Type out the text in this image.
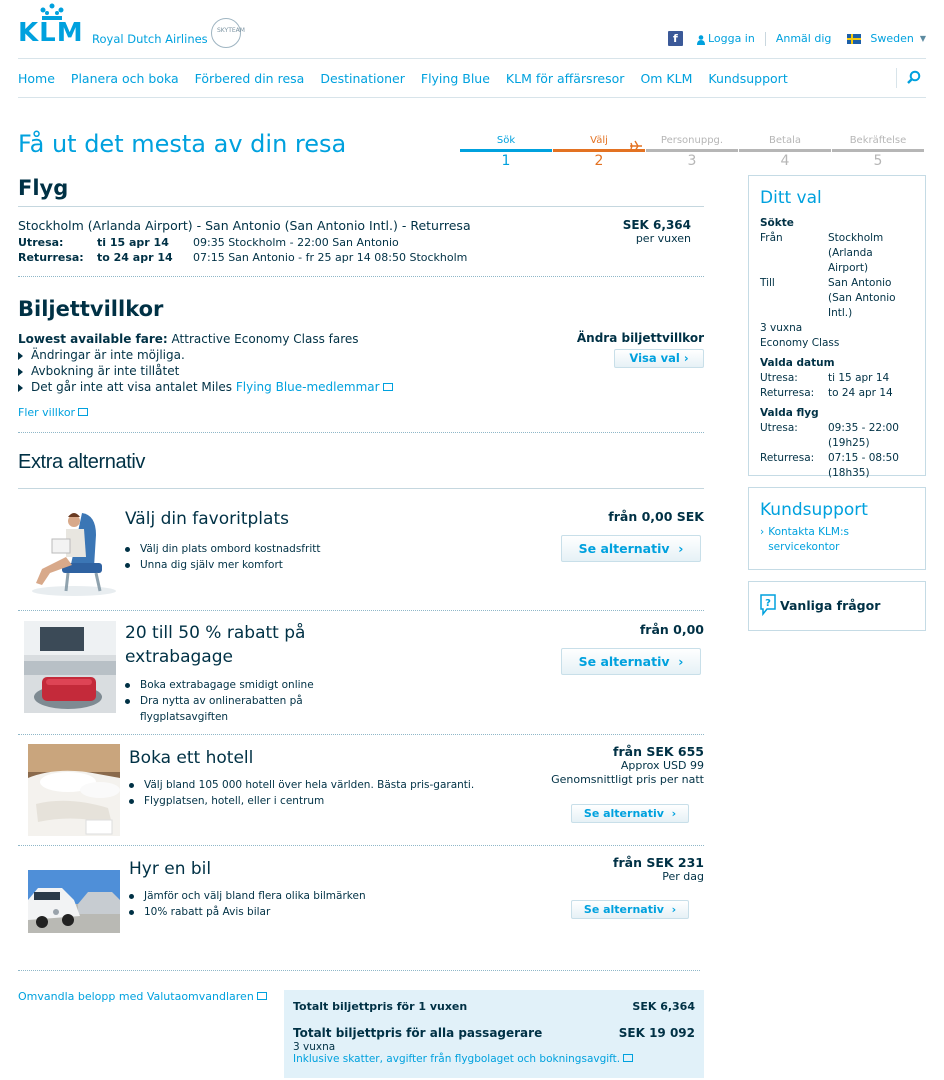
KLM Royal Dutch Airlines
SKYTEAM
f	Logga in Anmäl dig	Sweden ▼
Home Planera och boka Förbered din resa Destinationer Flying Blue KLM för affärsresor Om KLM Kundsupport
Få ut det mesta av din resa	Sök
1
Välj
2
Personuppg.
3
Betala
4
Bekräftelse
5
Flyg
Stockholm (Arlanda Airport) - San Antonio (San Antonio Intl.) - Returresa
Utresa:	ti 15 apr 14	09:35 Stockholm - 22:00 San Antonio
Returresa:	to 24 apr 14	07:15 San Antonio - fr 25 apr 14 08:50 Stockholm
SEK 6,364
per vuxen
Biljettvillkor
Lowest available fare: Attractive Economy Class fares
Ändringar är inte möjliga.
Avbokning är inte tillåtet
Det går inte att visa antalet Miles Flying Blue-medlemmar
Fler villkor
Ändra biljettvillkor
Visa val ›
Extra alternativ
Välj din favoritplats
Välj din plats ombord kostnadsfritt
Unna dig själv mer komfort
från 0,00 SEK
Se alternativ  ›
20 till 50 % rabatt på extrabagage
Boka extrabagage smidigt online
Dra nytta av onlinerabatten på flygplatsavgiften
från 0,00
Se alternativ  ›
Boka ett hotell
Välj bland 105 000 hotell över hela världen. Bästa pris-garanti.
Flygplatsen, hotell, eller i centrum
från SEK 655
Approx USD 99
Genomsnittligt pris per natt
Se alternativ  ›
Hyr en bil
Jämför och välj bland flera olika bilmärken
10% rabatt på Avis bilar
från SEK 231
Per dag
Se alternativ  ›
Ditt val
Sökte
Från	Stockholm (Arlanda Airport)
Till	San Antonio (San Antonio Intl.)
3 vuxna
Economy Class
Valda datum
Utresa:	ti 15 apr 14
Returresa:	to 24 apr 14
Valda flyg
Utresa:	09:35 - 22:00 (19h25)
Returresa:	07:15 - 08:50 (18h35)
Kundsupport
› Kontakta KLM:s servicekontor
? Vanliga frågor
Omvandla belopp med Valutaomvandlaren
Totalt biljettpris för 1 vuxen	SEK 6,364
Totalt biljettpris för alla passagerare	SEK 19 092
3 vuxna
Inklusive skatter, avgifter från flygbolaget och bokningsavgift.
